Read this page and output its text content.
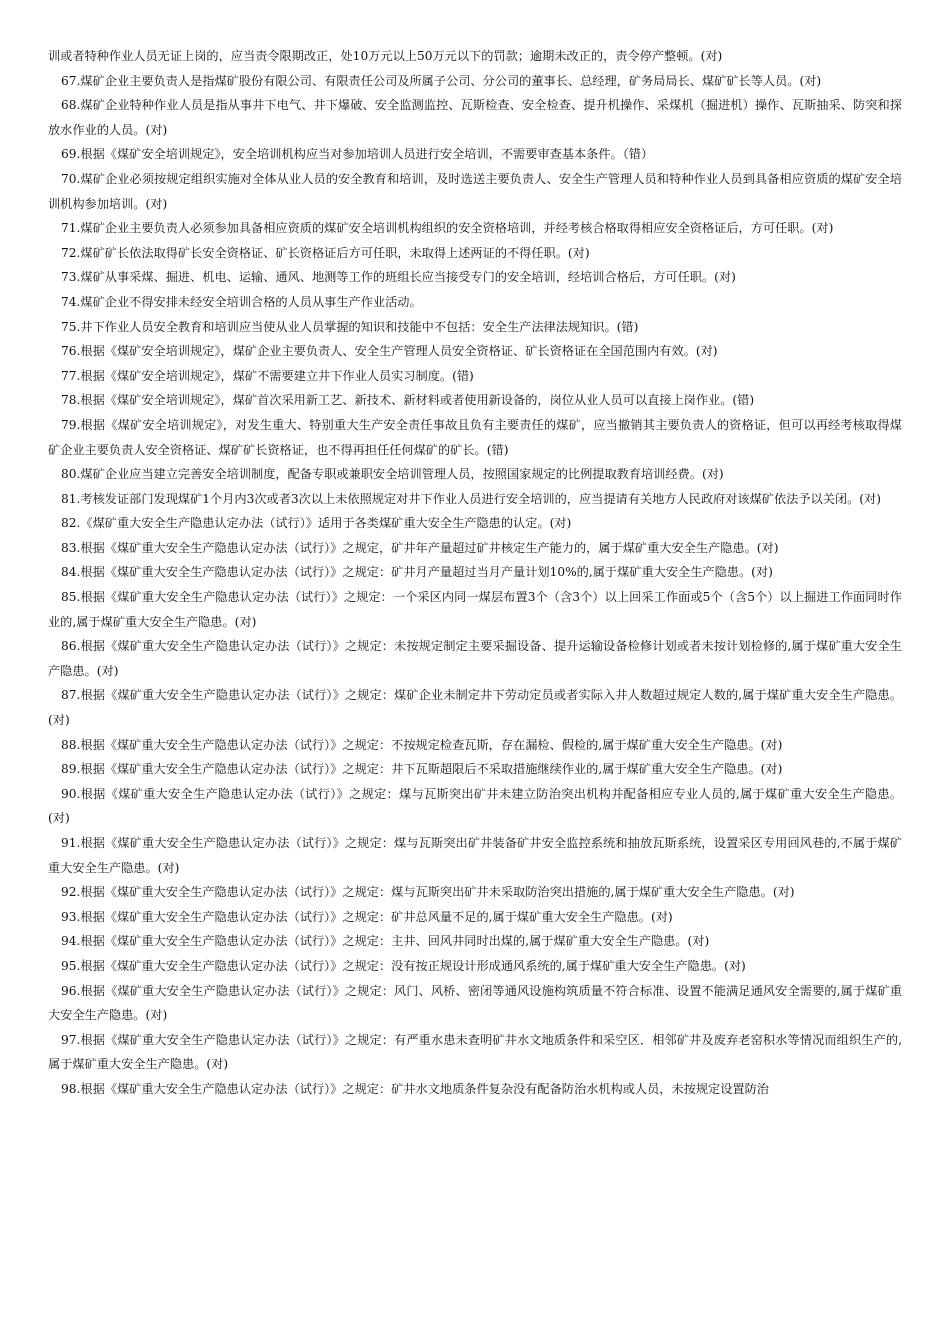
训或者特种作业人员无证上岗的，应当责令限期改正，处10万元以上50万元以下的罚款；逾期未改正的，责令停产整顿。(对)

67.煤矿企业主要负责人是指煤矿股份有限公司、有限责任公司及所属子公司、分公司的董事长、总经理，矿务局局长、煤矿矿长等人员。(对)

68.煤矿企业特种作业人员是指从事井下电气、井下爆破、安全监测监控、瓦斯检查、安全检查、提升机操作、采煤机（掘进机）操作、瓦斯抽采、防突和探放水作业的人员。(对)

69.根据《煤矿安全培训规定》，安全培训机构应当对参加培训人员进行安全培训，不需要审查基本条件。（错）

70.煤矿企业必须按规定组织实施对全体从业人员的安全教育和培训，及时选送主要负责人、安全生产管理人员和特种作业人员到具备相应资质的煤矿安全培训机构参加培训。(对)

71.煤矿企业主要负责人必须参加具备相应资质的煤矿安全培训机构组织的安全资格培训，并经考核合格取得相应安全资格证后，方可任职。(对)

72.煤矿矿长依法取得矿长安全资格证、矿长资格证后方可任职，未取得上述两证的不得任职。(对)

73.煤矿从事采煤、掘进、机电、运输、通风、地测等工作的班组长应当接受专门的安全培训，经培训合格后，方可任职。(对)

74.煤矿企业不得安排未经安全培训合格的人员从事生产作业活动。

75.井下作业人员安全教育和培训应当使从业人员掌握的知识和技能中不包括：安全生产法律法规知识。(错)

76.根据《煤矿安全培训规定》，煤矿企业主要负责人、安全生产管理人员安全资格证、矿长资格证在全国范围内有效。(对)

77.根据《煤矿安全培训规定》，煤矿不需要建立井下作业人员实习制度。(错)

78.根据《煤矿安全培训规定》，煤矿首次采用新工艺、新技术、新材料或者使用新设备的，岗位从业人员可以直接上岗作业。(错)

79.根据《煤矿安全培训规定》，对发生重大、特别重大生产安全责任事故且负有主要责任的煤矿，应当撤销其主要负责人的资格证，但可以再经考核取得煤矿企业主要负责人安全资格证、煤矿矿长资格证，也不得再担任任何煤矿的矿长。(错)

80.煤矿企业应当建立完善安全培训制度，配备专职或兼职安全培训管理人员，按照国家规定的比例提取教育培训经费。(对)

81.考核发证部门发现煤矿1个月内3次或者3次以上未依照规定对井下作业人员进行安全培训的，应当提请有关地方人民政府对该煤矿依法予以关闭。(对)

82.《煤矿重大安全生产隐患认定办法（试行）》适用于各类煤矿重大安全生产隐患的认定。(对)

83.根据《煤矿重大安全生产隐患认定办法（试行）》之规定，矿井年产量超过矿井核定生产能力的，属于煤矿重大安全生产隐患。(对)

84.根据《煤矿重大安全生产隐患认定办法（试行）》之规定：矿井月产量超过当月产量计划10%的,属于煤矿重大安全生产隐患。(对)

85.根据《煤矿重大安全生产隐患认定办法（试行）》之规定：一个采区内同一煤层布置3个（含3个）以上回采工作面或5个（含5个）以上掘进工作面同时作业的,属于煤矿重大安全生产隐患。(对)

86.根据《煤矿重大安全生产隐患认定办法（试行）》之规定：未按规定制定主要采掘设备、提升运输设备检修计划或者未按计划检修的,属于煤矿重大安全生产隐患。(对)

87.根据《煤矿重大安全生产隐患认定办法（试行）》之规定：煤矿企业未制定井下劳动定员或者实际入井人数超过规定人数的,属于煤矿重大安全生产隐患。(对)

88.根据《煤矿重大安全生产隐患认定办法（试行）》之规定：不按规定检查瓦斯，存在漏检、假检的,属于煤矿重大安全生产隐患。(对)

89.根据《煤矿重大安全生产隐患认定办法（试行）》之规定：井下瓦斯超限后不采取措施继续作业的,属于煤矿重大安全生产隐患。(对)

90.根据《煤矿重大安全生产隐患认定办法（试行）》之规定：煤与瓦斯突出矿井未建立防治突出机构并配备相应专业人员的,属于煤矿重大安全生产隐患。(对)

91.根据《煤矿重大安全生产隐患认定办法（试行）》之规定：煤与瓦斯突出矿井装备矿井安全监控系统和抽放瓦斯系统，设置采区专用回风巷的,不属于煤矿重大安全生产隐患。(对)

92.根据《煤矿重大安全生产隐患认定办法（试行）》之规定：煤与瓦斯突出矿井未采取防治突出措施的,属于煤矿重大安全生产隐患。(对)

93.根据《煤矿重大安全生产隐患认定办法（试行）》之规定：矿井总风量不足的,属于煤矿重大安全生产隐患。(对)

94.根据《煤矿重大安全生产隐患认定办法（试行）》之规定：主井、回风井同时出煤的,属于煤矿重大安全生产隐患。(对)

95.根据《煤矿重大安全生产隐患认定办法（试行）》之规定：没有按正规设计形成通风系统的,属于煤矿重大安全生产隐患。(对)

96.根据《煤矿重大安全生产隐患认定办法（试行）》之规定：风门、风桥、密闭等通风设施构筑质量不符合标准、设置不能满足通风安全需要的,属于煤矿重大安全生产隐患。(对)

97.根据《煤矿重大安全生产隐患认定办法（试行）》之规定：有严重水患未查明矿井水文地质条件和采空区．相邻矿井及废弃老窑积水等情况而组织生产的,属于煤矿重大安全生产隐患。(对)

98.根据《煤矿重大安全生产隐患认定办法（试行）》之规定：矿井水文地质条件复杂没有配备防治水机构或人员，未按规定设置防治
